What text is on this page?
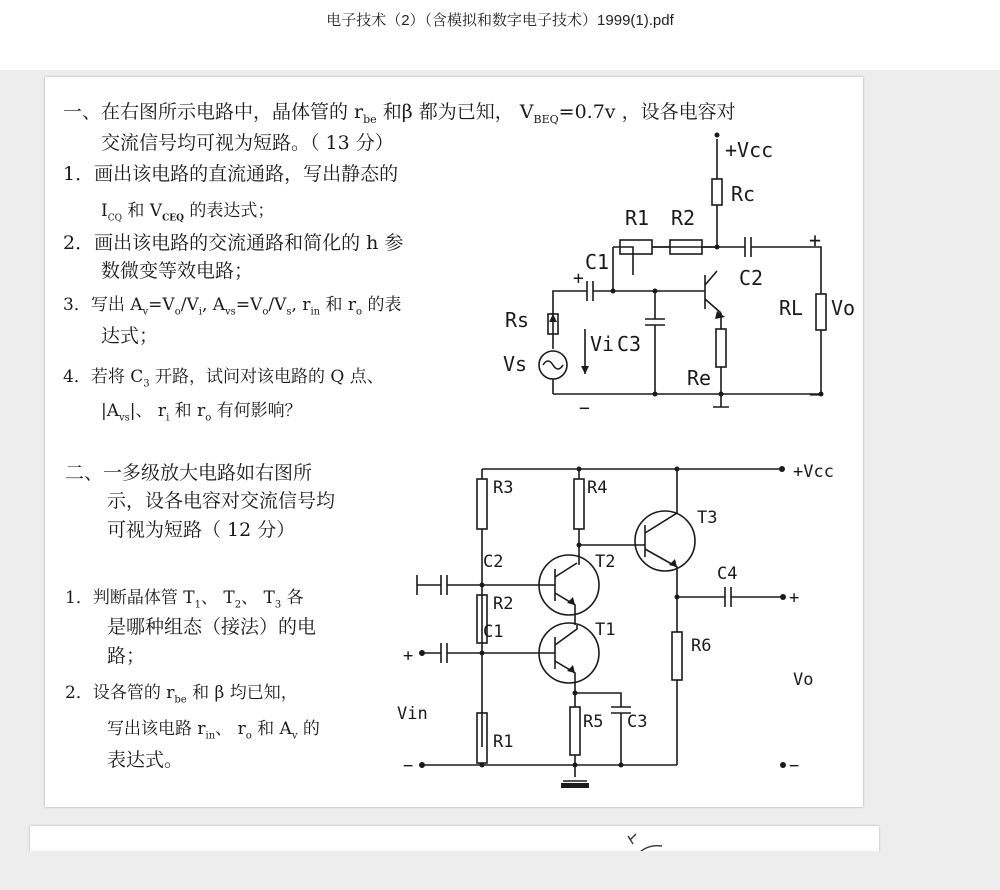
电子技术（2）（含模拟和数字电子技术）1999(1).pdf
一、在右图所示电路中，晶体管的 $r_{be}$ 和β 都为已知， $V_{BEQ}=0.7v$ ，设各电容对
交流信号均可视为短路。（ 13 分）
1．画出该电路的直流通路，写出静态的
$I_{CQ}$ 和 $V_{CEQ}$ 的表达式；
2．画出该电路的交流通路和简化的 h 参
数微变等效电路；
3．写出 $A_v=V_o/V_i$, $A_{vs}=V_o/V_s$, $r_{in}$ 和 $r_o$ 的表
达式；
4．若将 $C_3$ 开路，试问对该电路的 Q 点、
$|A_{vs}|$、 $r_i$ 和 $r_o$ 有何影响？
+Vcc
R1 R2
Rc
C1
C2
C3
Rs
Vs
Vi
Re
RL Vo
+
−
+
−
二、一多级放大电路如右图所
示，设各电容对交流信号均
可视为短路（ 12 分）
1．判断晶体管 $T_1$、 $T_2$、 $T_3$ 各
是哪种组态（接法）的电
路；
2．设各管的 $r_{be}$ 和 β 均已知，
写出该电路 $r_{in}$、 $r_o$ 和 $A_v$ 的
表达式。
+Vcc
R3	R4
T3
C2	T2
R2
C4
+
C1	T1
R6
+
Vo
Vin	R5 C3
R1
−	−
